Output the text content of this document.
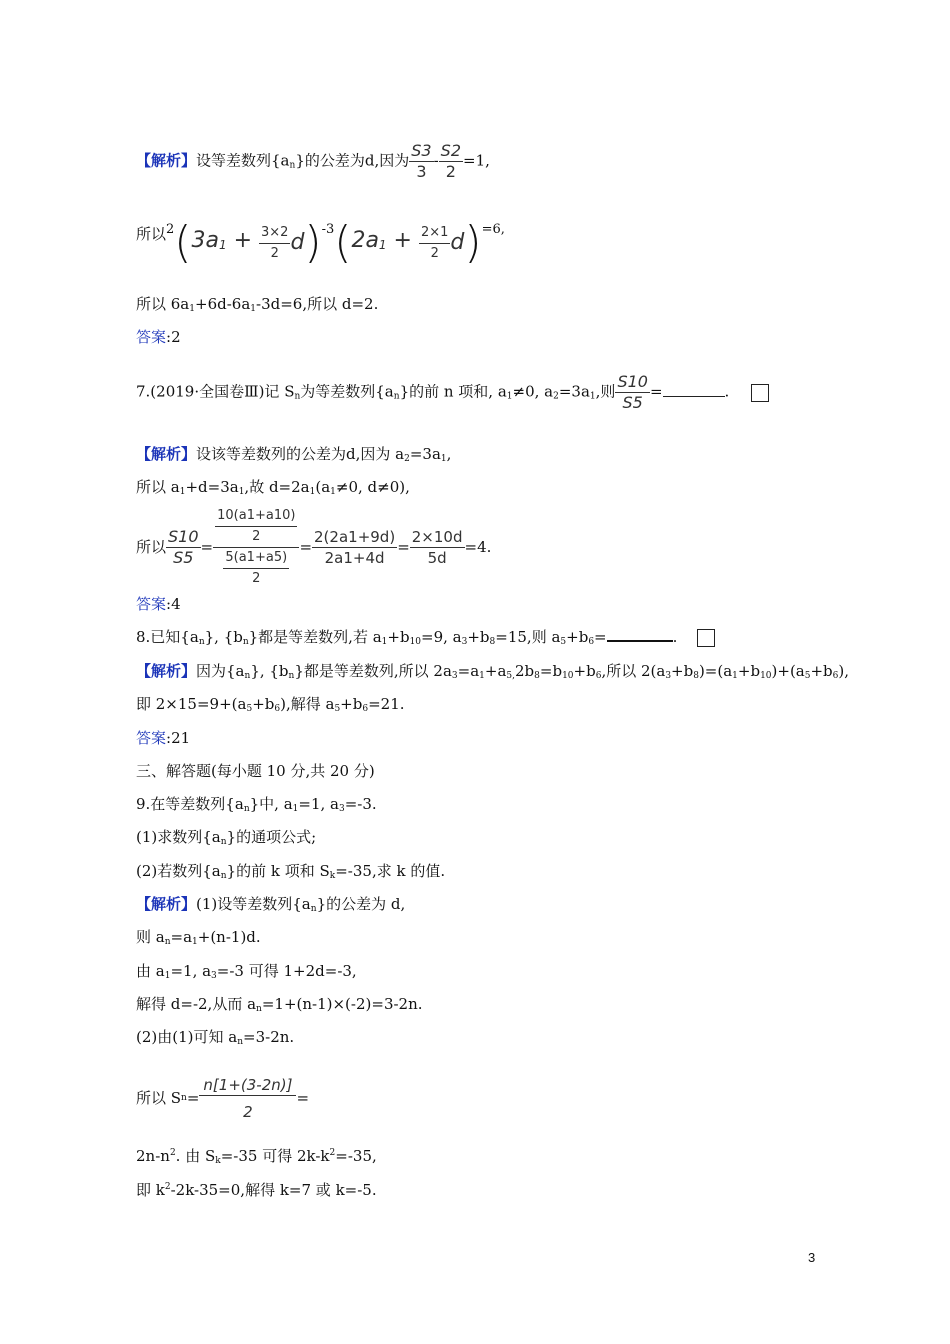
【解析】设等差数列$\{a_n\}$的公差为d,因为 $\frac{S3}{3} - \frac{S2}{2} =1$,
所以$^2(3a_1 + \frac{3\times 2}{2} d)^{-3}(2a_1 + \frac{2\times 1}{2} d)^{=6,}$
所以 $6a_1+6d-6a_1-3d=6$,所以 d=2.
答案:2
7.(2019·全国卷Ⅲ)记 $S_n$为等差数列$\{a_n\}$的前 n 项和, $a_1\ne 0$, $a_2=3a_1$,则 $\frac{S10}{S5}$ =	.
【解析】设该等差数列的公差为d,因为 $a_2=3a_1$,
所以 $a_1+d=3a_1$,故 $d=2a_1(a_1\ne 0$, d≠0),
所以 $\frac{S10}{S5} = \frac{\frac{10(a1+a10)}{2}}{\frac{5(a1+a5)}{2}} = \frac{2(2a1+9d)}{2a1+4d} = \frac{2\times 10d}{5d} =4$.
答案:4
8.已知$\{a_n\}$, $\{b_n\}$都是等差数列,若 $a_1+b_{10}=9$, $a_3+b_8=15$,则 $a_5+b_6=$	.
【解析】因为$\{a_n\}$, $\{b_n\}$都是等差数列,所以 $2a_3=a_1+a_{5,}2b_8=b_{10}+b_6$,所以 $2(a_3+b_8)=(a_1+b_{10})+(a_5+b_6)$,
即 $2\times 15=9+(a_5+b_6)$,解得 $a_5+b_6=21$.
答案:21
三、解答题(每小题 10 分,共 20 分)
9.在等差数列$\{a_n\}$中, $a_1=1$, $a_3=-3$.
(1)求数列$\{a_n\}$的通项公式;
(2)若数列$\{a_n\}$的前 k 项和 $S_k=-35$,求 k 的值.
【解析】(1)设等差数列$\{a_n\}$的公差为 d,
则 $a_n=a_1+(n-1)d$.
由 $a_1=1$, $a_3=-3$ 可得 1+2d=-3,
解得 d=-2,从而 $a_n=1+(n-1)\times(-2)=3-2n$.
(2)由(1)可知 $a_n=3-2n$.
所以 S $n = \frac{n[1+(3-2n)]}{2}$ =
$2n-n^2$. 由 $S_k=-35$ 可得 $2k-k^2=-35$,
即 $k^2-2k-35=0$,解得 k=7 或 k=-5.
3
